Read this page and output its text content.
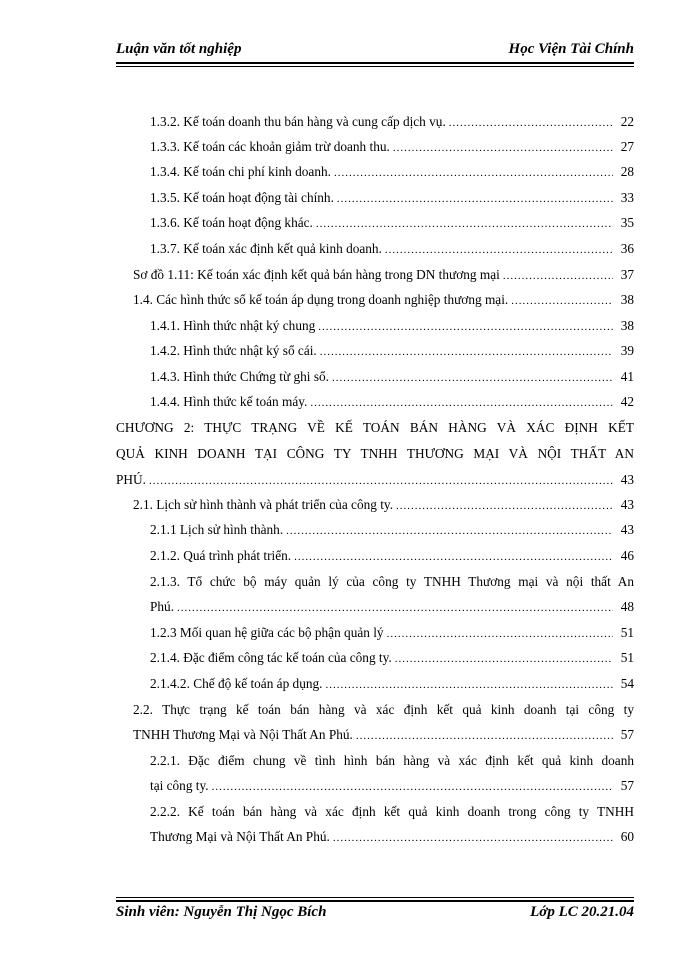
Luận văn tốt nghiệp	Học Viện Tài Chính
1.3.2. Kế toán doanh thu bán hàng và cung cấp dịch vụ. .....	22
1.3.3. Kế toán các khoản giảm trừ doanh thu. .....	27
1.3.4. Kế toán chi phí kinh doanh. .....	28
1.3.5. Kế toán hoạt động tài chính. .....	33
1.3.6. Kế toán hoạt động khác. .....	35
1.3.7. Kế toán xác định kết quả kinh doanh. .....	36
Sơ đồ 1.11: Kế toán xác định kết quả bán hàng trong DN thương mại .....	37
1.4. Các hình thức sổ kế toán áp dụng trong doanh nghiệp thương mại. .....	38
1.4.1. Hình thức nhật ký chung .....	38
1.4.2. Hình thức nhật ký sổ cái. .....	39
1.4.3. Hình thức Chứng từ ghi sổ. .....	41
1.4.4. Hình thức kế toán máy. .....	42
CHƯƠNG 2: THỰC TRẠNG VỀ KẾ TOÁN BÁN HÀNG VÀ XÁC ĐỊNH KẾT
QUẢ KINH DOANH TẠI CÔNG TY TNHH THƯƠNG MẠI VÀ NỘI THẤT AN
PHÚ. .....	43
2.1. Lịch sử hình thành và phát triển của công ty. .....	43
2.1.1 Lịch sử hình thành. .....	43
2.1.2. Quá trình phát triển. .....	46
2.1.3. Tổ chức bộ máy quản lý của công ty TNHH Thương mại và nội thất An
Phú. .....	48
1.2.3 Mối quan hệ giữa các bộ phận quản lý .....	51
2.1.4. Đặc điểm công tác kế toán của công ty. .....	51
2.1.4.2. Chế độ kế toán áp dụng. .....	54
2.2. Thực trạng kế toán bán hàng và xác định kết quả kinh doanh tại công ty
TNHH Thương Mại và Nội Thất An Phú. .....	57
2.2.1. Đặc điểm chung về tình hình bán hàng và xác định kết quả kinh doanh
tại công ty. .....	57
2.2.2. Kế toán bán hàng và xác định kết quả kinh doanh trong công ty TNHH
Thương Mại và Nội Thất An Phú. .....	60
Sinh viên: Nguyễn Thị Ngọc Bích	Lớp LC 20.21.04
